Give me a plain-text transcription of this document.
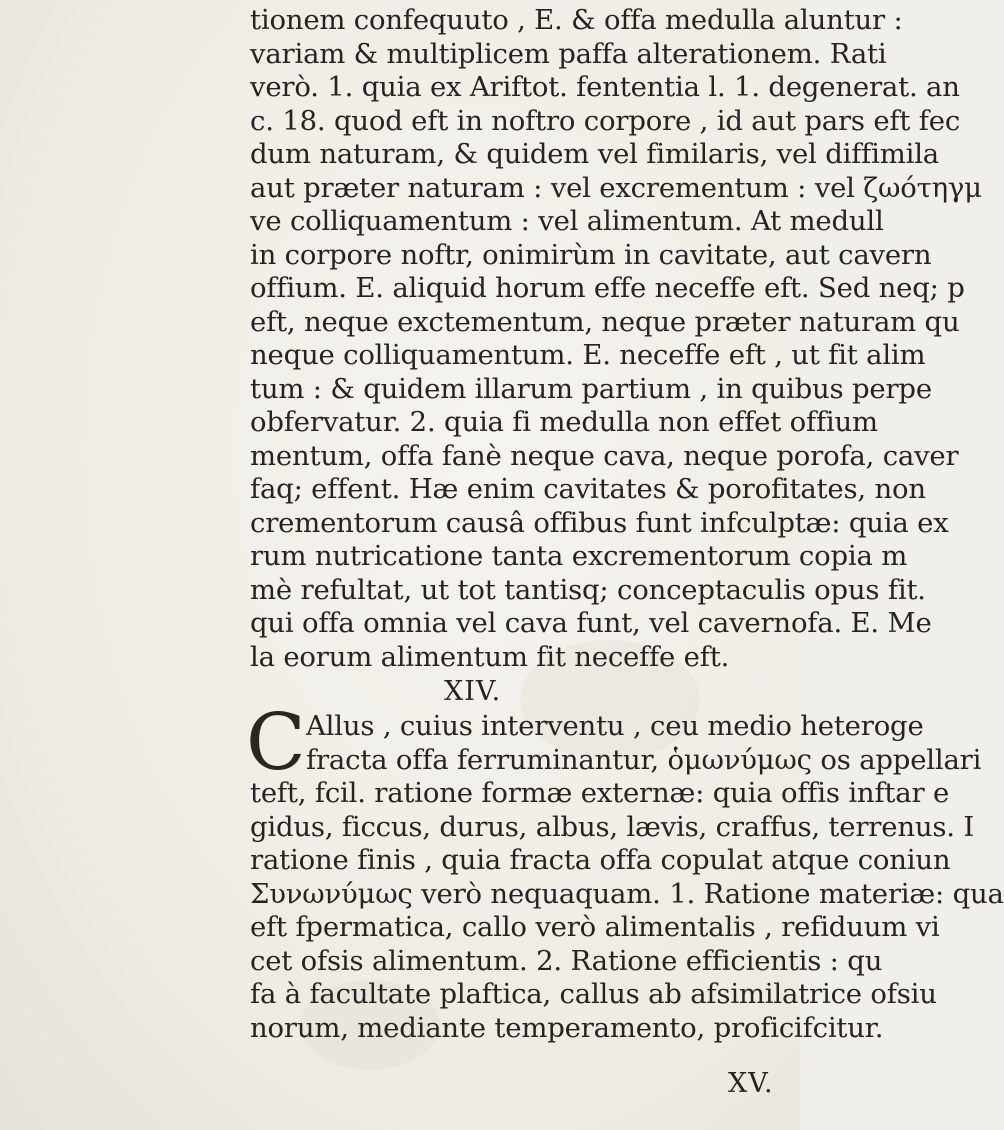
tionem confequuto , E. & offa medulla aluntur :
variam & multiplicem paffa alterationem. Rati
verò. 1. quia ex Ariftot. fententia l. 1. degenerat. an
c. 18. quod eft in noftro corpore , id aut pars eft fec
dum naturam, & quidem vel fimilaris, vel diffimila
aut præter naturam : vel excrementum : vel ζωότηγμ
ve colliquamentum : vel alimentum. At medull
in corpore noftr, onimirùm in cavitate, aut cavern
offium. E. aliquid horum effe neceffe eft. Sed neq; p
eft, neque exctementum, neque præter naturam qu
neque colliquamentum. E. neceffe eft , ut fit alim
tum : & quidem illarum partium , in quibus perpe
obfervatur. 2. quia fi medulla non effet offium
mentum, offa fanè neque cava, neque porofa, caver
faq; effent. Hæ enim cavitates & porofitates, non
crementorum causâ offibus funt infculptæ: quia ex
rum nutricatione tanta excrementorum copia m
mè refultat, ut tot tantisq; conceptaculis opus fit.
qui offa omnia vel cava funt, vel cavernofa. E. Me
la eorum alimentum fit neceffe eft.
XIV.
Allus , cuius interventu , ceu medio heteroge
fracta offa ferruminantur, ὁμωνύμως os appellari
teft, fcil. ratione formæ externæ: quia offis inftar e
gidus, ficcus, durus, albus, lævis, craffus, terrenus. I
ratione finis , quia fracta offa copulat atque coniun
Συνωνύμως verò nequaquam. 1. Ratione materiæ: qua
eft fpermatica, callo verò alimentalis , refiduum vi
cet ofsis alimentum. 2. Ratione efficientis : qu
fa à facultate plaftica, callus ab afsimilatrice ofsiu
norum, mediante temperamento, proficifcitur.
C
XV.
